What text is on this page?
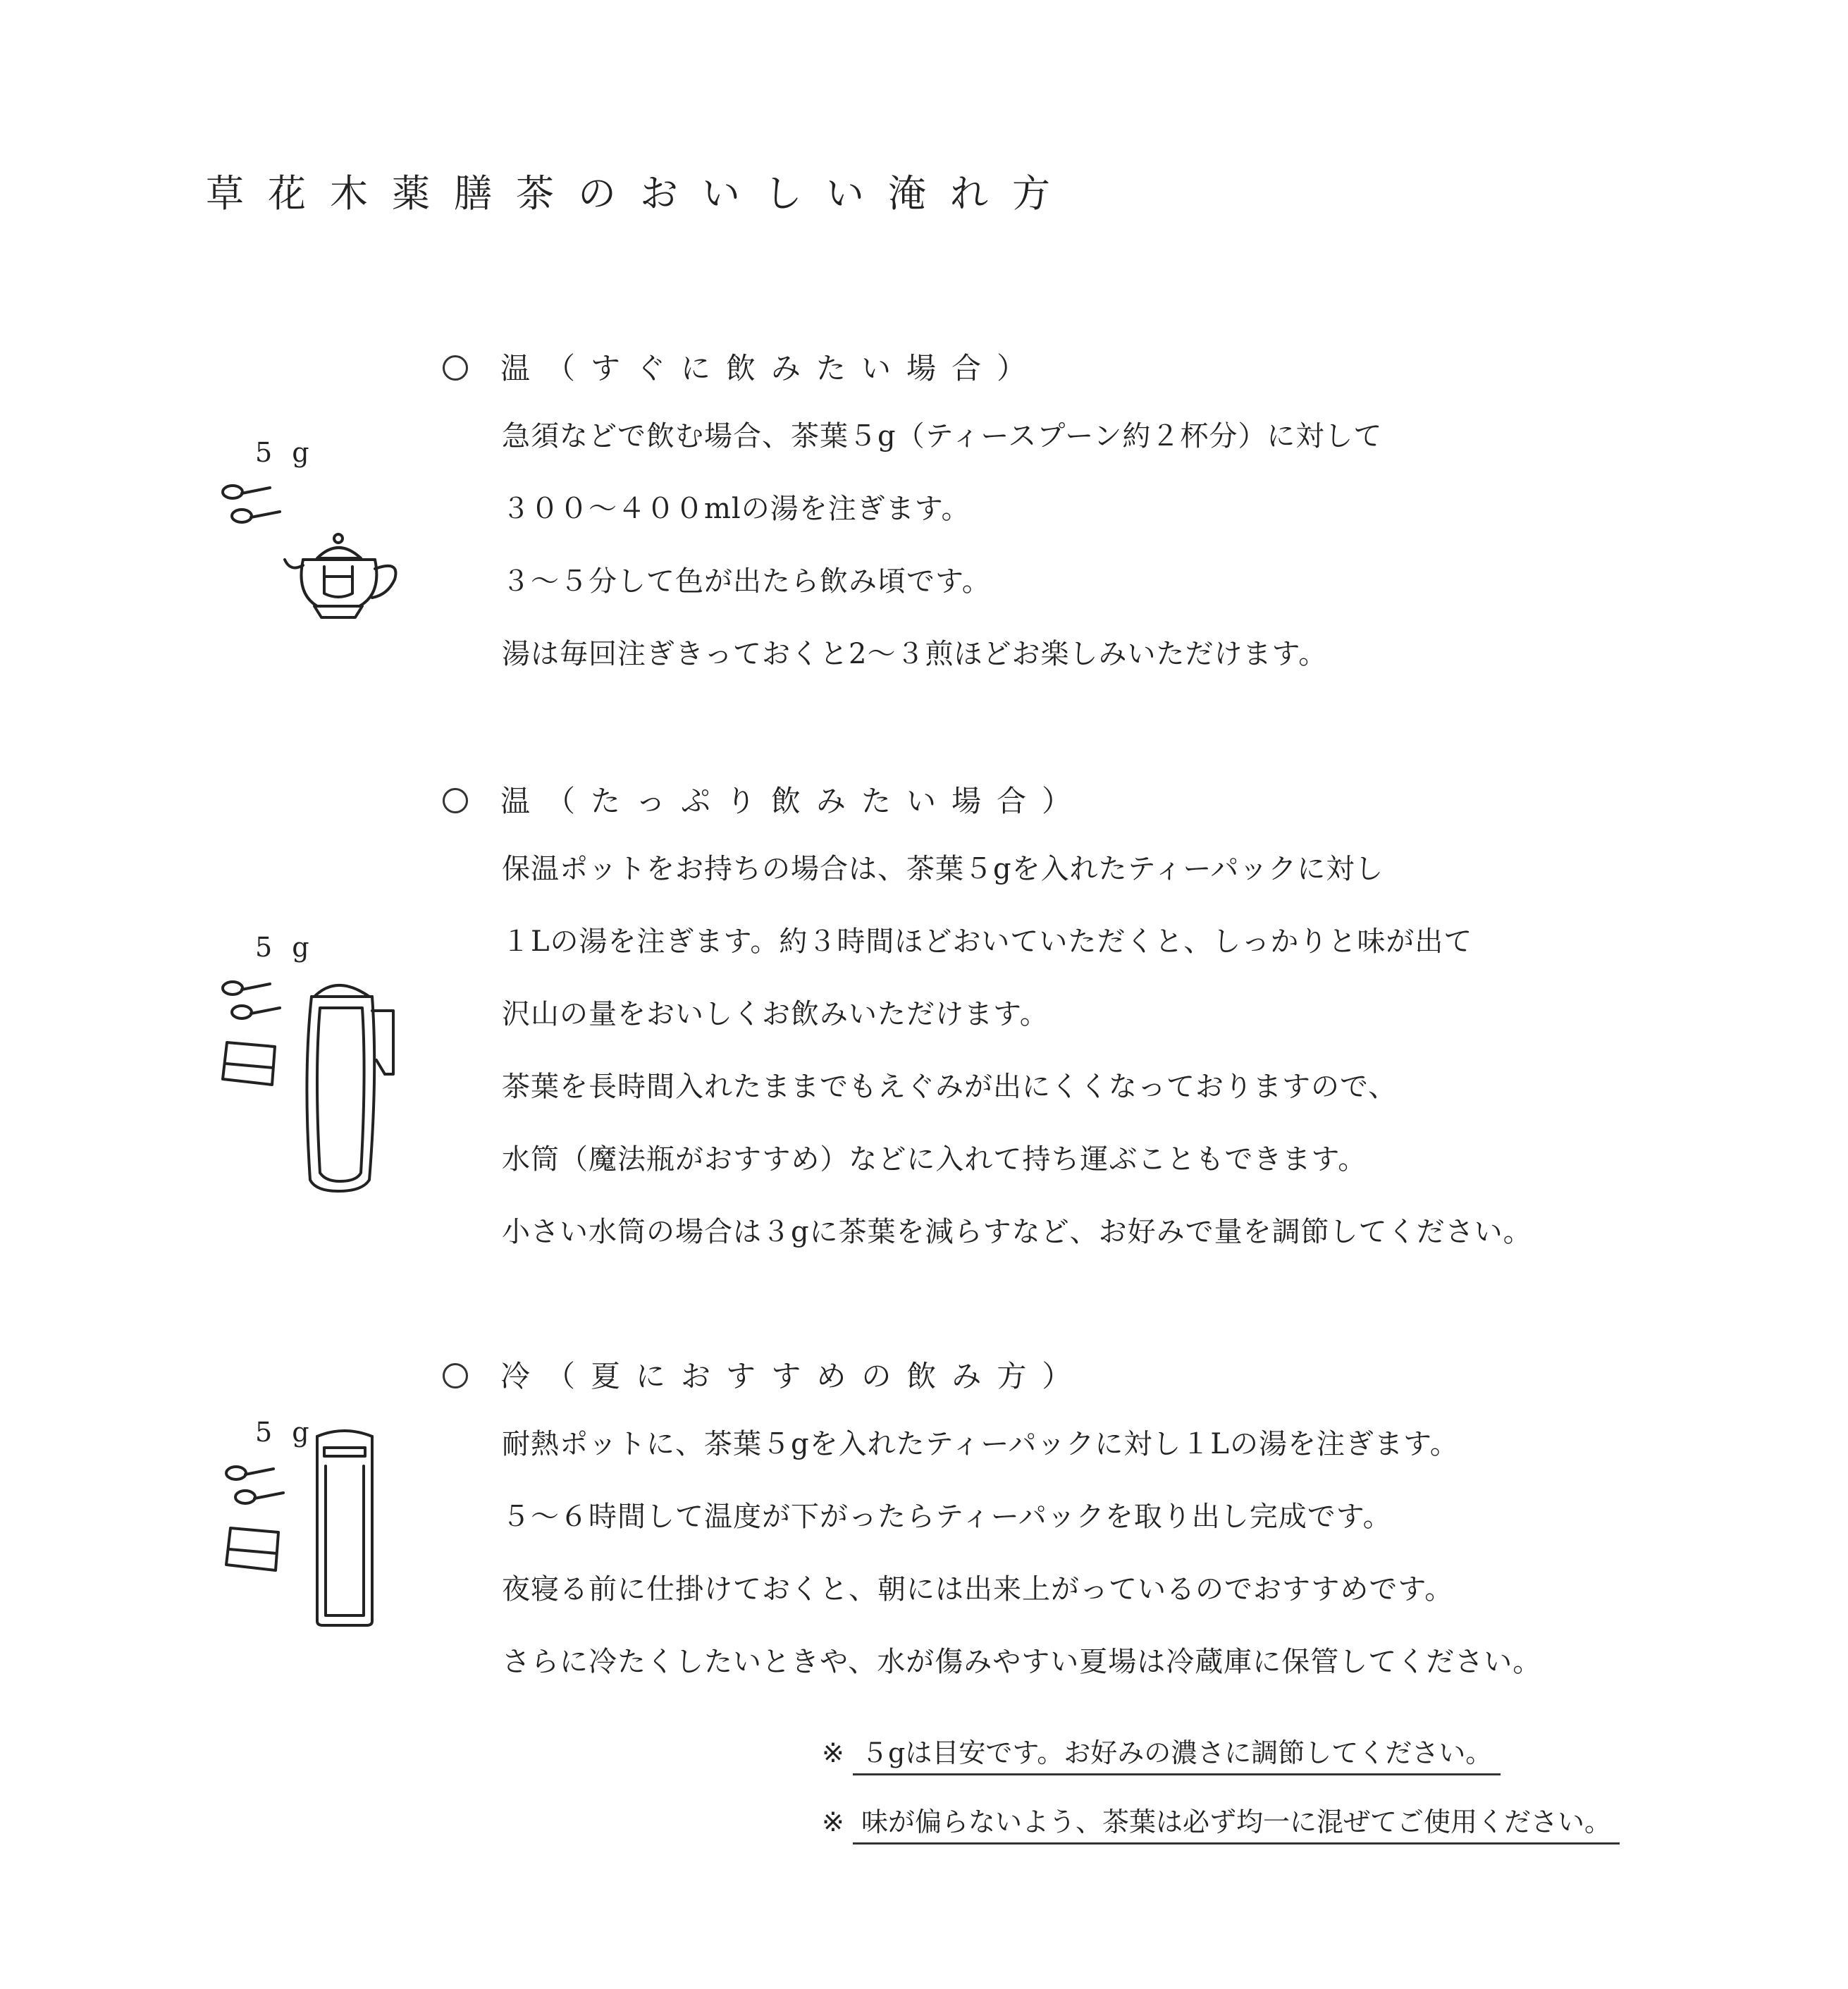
草花木薬膳茶のおいしい淹れ方
温（すぐに飲みたい場合）
急須などで飲む場合、茶葉５g（ティースプーン約２杯分）に対して
３００～４００mlの湯を注ぎます。
３～５分して色が出たら飲み頃です。
湯は毎回注ぎきっておくと2～３煎ほどお楽しみいただけます。
5 g
温（たっぷり飲みたい場合）
保温ポットをお持ちの場合は、茶葉５gを入れたティーパックに対し
１Lの湯を注ぎます。約３時間ほどおいていただくと、しっかりと味が出て
沢山の量をおいしくお飲みいただけます。
茶葉を長時間入れたままでもえぐみが出にくくなっておりますので、
水筒（魔法瓶がおすすめ）などに入れて持ち運ぶこともできます。
小さい水筒の場合は３gに茶葉を減らすなど、お好みで量を調節してください。
5 g
冷（夏におすすめの飲み方）
耐熱ポットに、茶葉５gを入れたティーパックに対し１Lの湯を注ぎます。
５～６時間して温度が下がったらティーパックを取り出し完成です。
夜寝る前に仕掛けておくと、朝には出来上がっているのでおすすめです。
さらに冷たくしたいときや、水が傷みやすい夏場は冷蔵庫に保管してください。
5 g
※ ５gは目安です。お好みの濃さに調節してください。
※ 味が偏らないよう、茶葉は必ず均一に混ぜてご使用ください。
